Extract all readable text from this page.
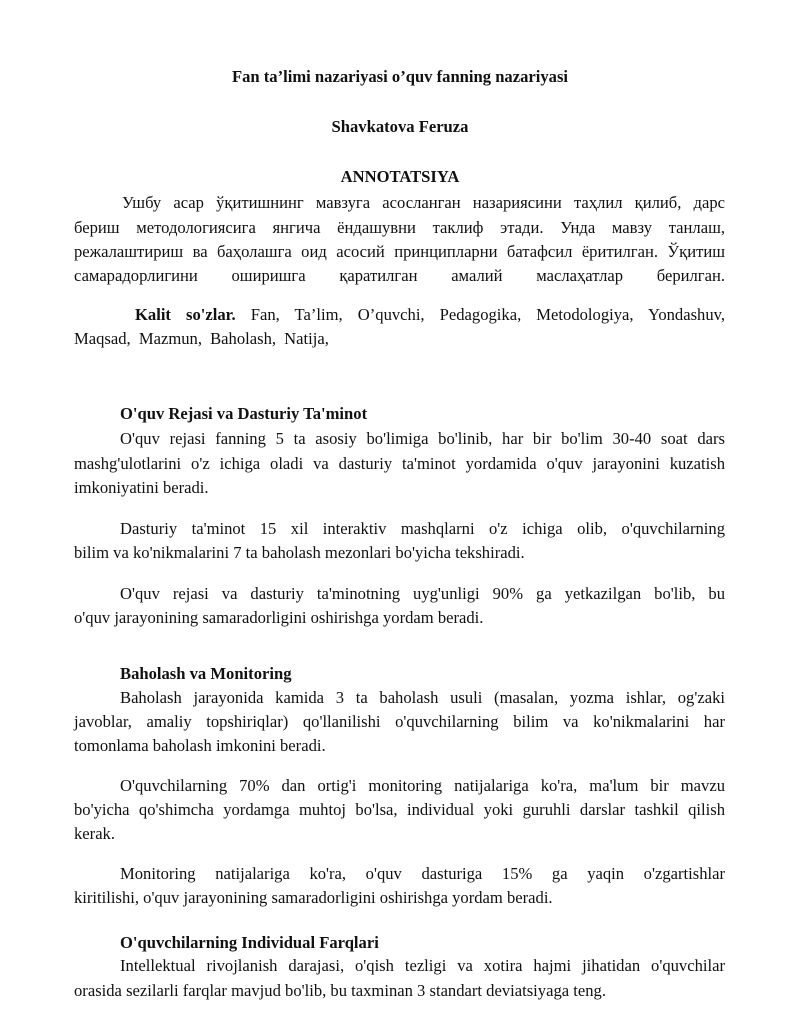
Fan ta’limi nazariyasi o’quv fanning nazariyasi
Shavkatova Feruza
ANNOTATSIYA
Ушбу асар ўқитишнинг мавзуга асосланган назариясини таҳлил қилиб, дарс
бериш методологиясига янгича ёндашувни таклиф этади. Унда мавзу танлаш,
режалаштириш ва баҳолашга оид асосий принципларни батафсил ёритилган. Ўқитиш
самарадорлигини оширишга қаратилган амалий маслаҳатлар берилган.
Kalit so'zlar. Fan, Ta’lim, O’quvchi, Pedagogika, Metodologiya, Yondashuv,
Maqsad, Mazmun, Baholash, Natija,
O'quv Rejasi va Dasturiy Ta'minot
O'quv rejasi fanning 5 ta asosiy bo'limiga bo'linib, har bir bo'lim 30-40 soat dars
mashg'ulotlarini o'z ichiga oladi va dasturiy ta'minot yordamida o'quv jarayonini kuzatish
imkoniyatini beradi.
Dasturiy ta'minot 15 xil interaktiv mashqlarni o'z ichiga olib, o'quvchilarning
bilim va ko'nikmalarini 7 ta baholash mezonlari bo'yicha tekshiradi.
O'quv rejasi va dasturiy ta'minotning uyg'unligi 90% ga yetkazilgan bo'lib, bu
o'quv jarayonining samaradorligini oshirishga yordam beradi.
Baholash va Monitoring
Baholash jarayonida kamida 3 ta baholash usuli (masalan, yozma ishlar, og'zaki
javoblar, amaliy topshiriqlar) qo'llanilishi o'quvchilarning bilim va ko'nikmalarini har
tomonlama baholash imkonini beradi.
O'quvchilarning 70% dan ortig'i monitoring natijalariga ko'ra, ma'lum bir mavzu
bo'yicha qo'shimcha yordamga muhtoj bo'lsa, individual yoki guruhli darslar tashkil qilish
kerak.
Monitoring natijalariga ko'ra, o'quv dasturiga 15% ga yaqin o'zgartishlar
kiritilishi, o'quv jarayonining samaradorligini oshirishga yordam beradi.
O'quvchilarning Individual Farqlari
Intellektual rivojlanish darajasi, o'qish tezligi va xotira hajmi jihatidan o'quvchilar
orasida sezilarli farqlar mavjud bo'lib, bu taxminan 3 standart deviatsiyaga teng.
